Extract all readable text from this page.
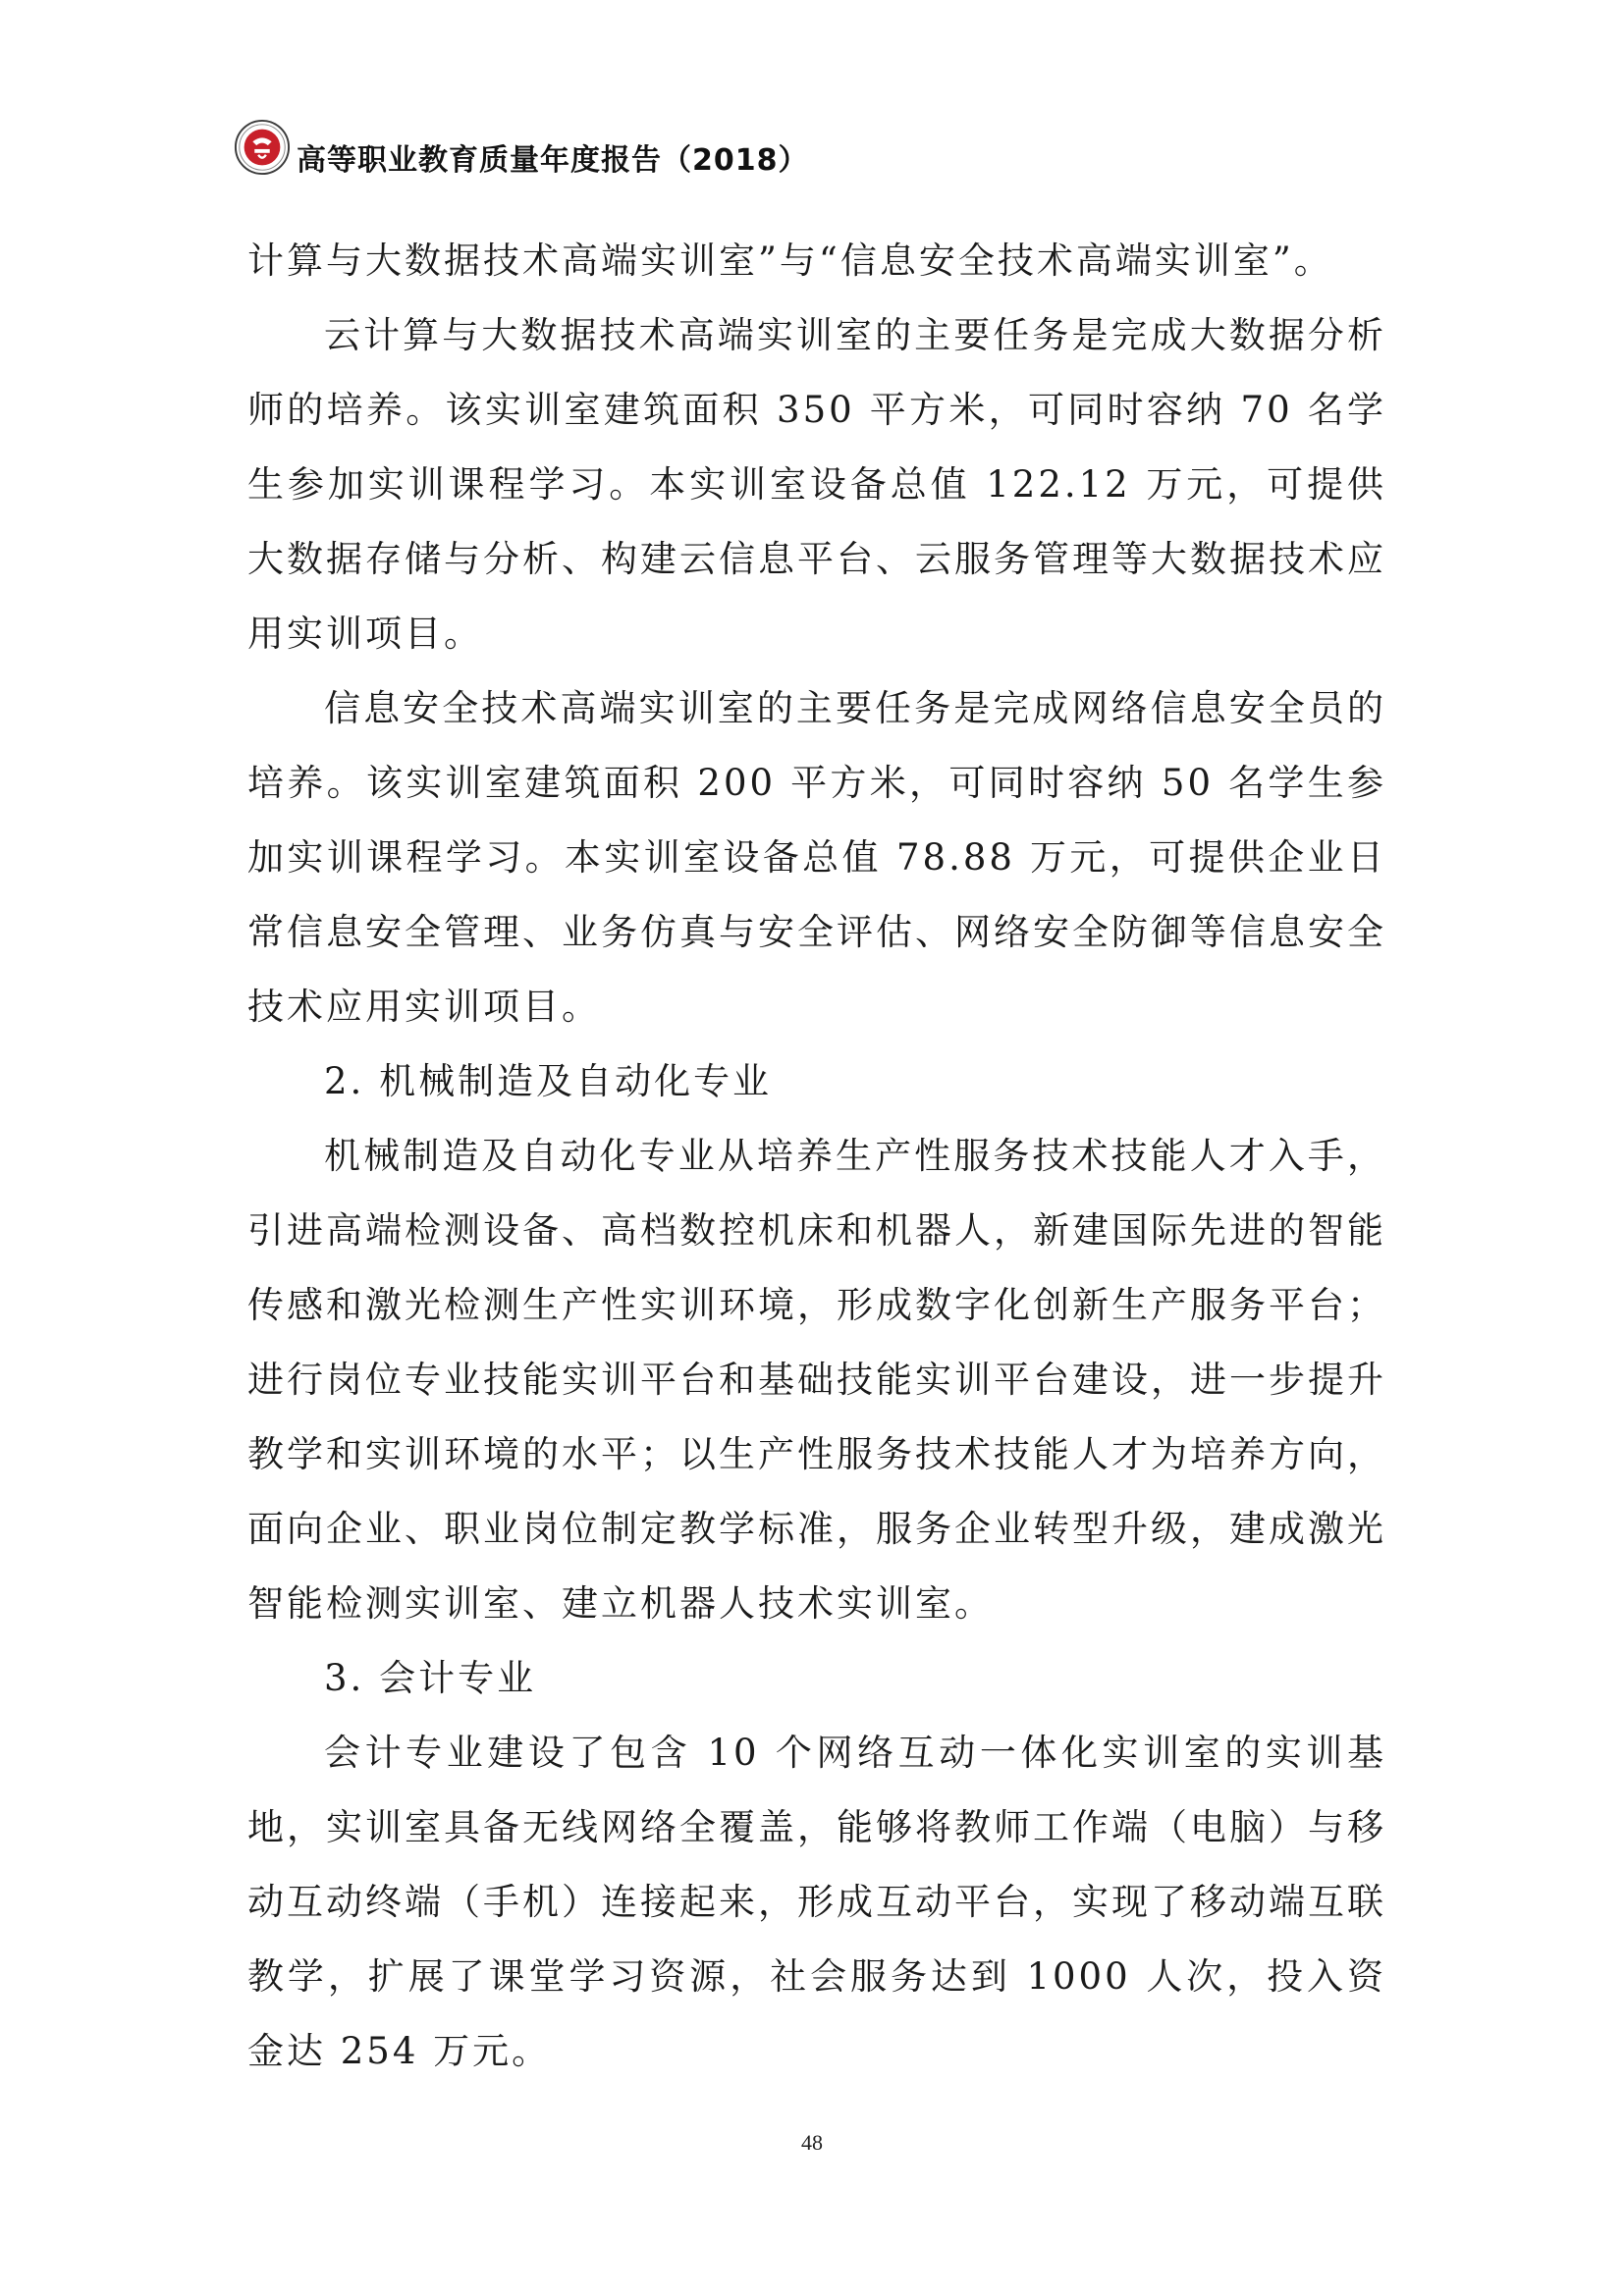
高等职业教育质量年度报告（2018）

计算与大数据技术高端实训室”与“信息安全技术高端实训室”。

云计算与大数据技术高端实训室的主要任务是完成大数据分析师的培养。该实训室建筑面积 350 平方米，可同时容纳 70 名学生参加实训课程学习。本实训室设备总值 122.12 万元，可提供大数据存储与分析、构建云信息平台、云服务管理等大数据技术应用实训项目。

信息安全技术高端实训室的主要任务是完成网络信息安全员的培养。该实训室建筑面积 200 平方米，可同时容纳 50 名学生参加实训课程学习。本实训室设备总值 78.88 万元，可提供企业日常信息安全管理、业务仿真与安全评估、网络安全防御等信息安全技术应用实训项目。

2. 机械制造及自动化专业

机械制造及自动化专业从培养生产性服务技术技能人才入手，引进高端检测设备、高档数控机床和机器人，新建国际先进的智能传感和激光检测生产性实训环境，形成数字化创新生产服务平台；进行岗位专业技能实训平台和基础技能实训平台建设，进一步提升教学和实训环境的水平；以生产性服务技术技能人才为培养方向，面向企业、职业岗位制定教学标准，服务企业转型升级，建成激光智能检测实训室、建立机器人技术实训室。

3. 会计专业

会计专业建设了包含 10 个网络互动一体化实训室的实训基地，实训室具备无线网络全覆盖，能够将教师工作端（电脑）与移动互动终端（手机）连接起来，形成互动平台，实现了移动端互联教学，扩展了课堂学习资源，社会服务达到 1000 人次，投入资金达 254 万元。

48
